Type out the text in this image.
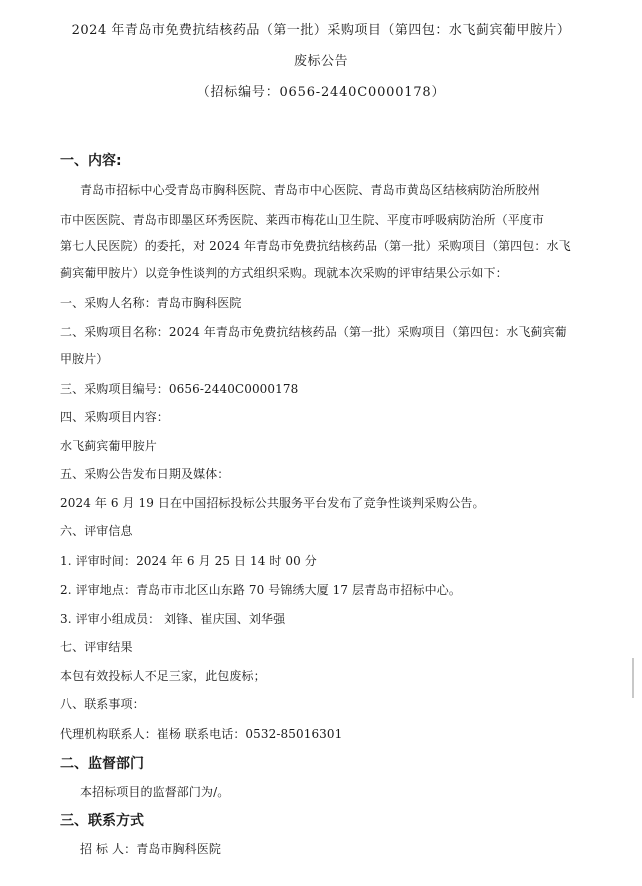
2024 年青岛市免费抗结核药品（第一批）采购项目（第四包：水飞蓟宾葡甲胺片）
废标公告
（招标编号：0656-2440C0000178）
一、内容:
青岛市招标中心受青岛市胸科医院、青岛市中心医院、青岛市黄岛区结核病防治所胶州
市中医医院、青岛市即墨区环秀医院、莱西市梅花山卫生院、平度市呼吸病防治所（平度市
第七人民医院）的委托，对 2024 年青岛市免费抗结核药品（第一批）采购项目（第四包：水飞
蓟宾葡甲胺片）以竞争性谈判的方式组织采购。现就本次采购的评审结果公示如下：
一、采购人名称：青岛市胸科医院
二、采购项目名称：2024 年青岛市免费抗结核药品（第一批）采购项目（第四包：水飞蓟宾葡
甲胺片）
三、采购项目编号：0656-2440C0000178
四、采购项目内容：
水飞蓟宾葡甲胺片
五、采购公告发布日期及媒体：
2024 年 6 月 19 日在中国招标投标公共服务平台发布了竞争性谈判采购公告。
六、评审信息
1. 评审时间：2024 年 6 月 25 日 14 时 00 分
2. 评审地点：青岛市市北区山东路 70 号锦绣大厦 17 层青岛市招标中心。
3. 评审小组成员： 刘锋、崔庆国、刘华强
七、评审结果
本包有效投标人不足三家，此包废标；
八、联系事项：
代理机构联系人：崔杨 联系电话：0532-85016301
二、监督部门
本招标项目的监督部门为/。
三、联系方式
招 标 人：青岛市胸科医院
